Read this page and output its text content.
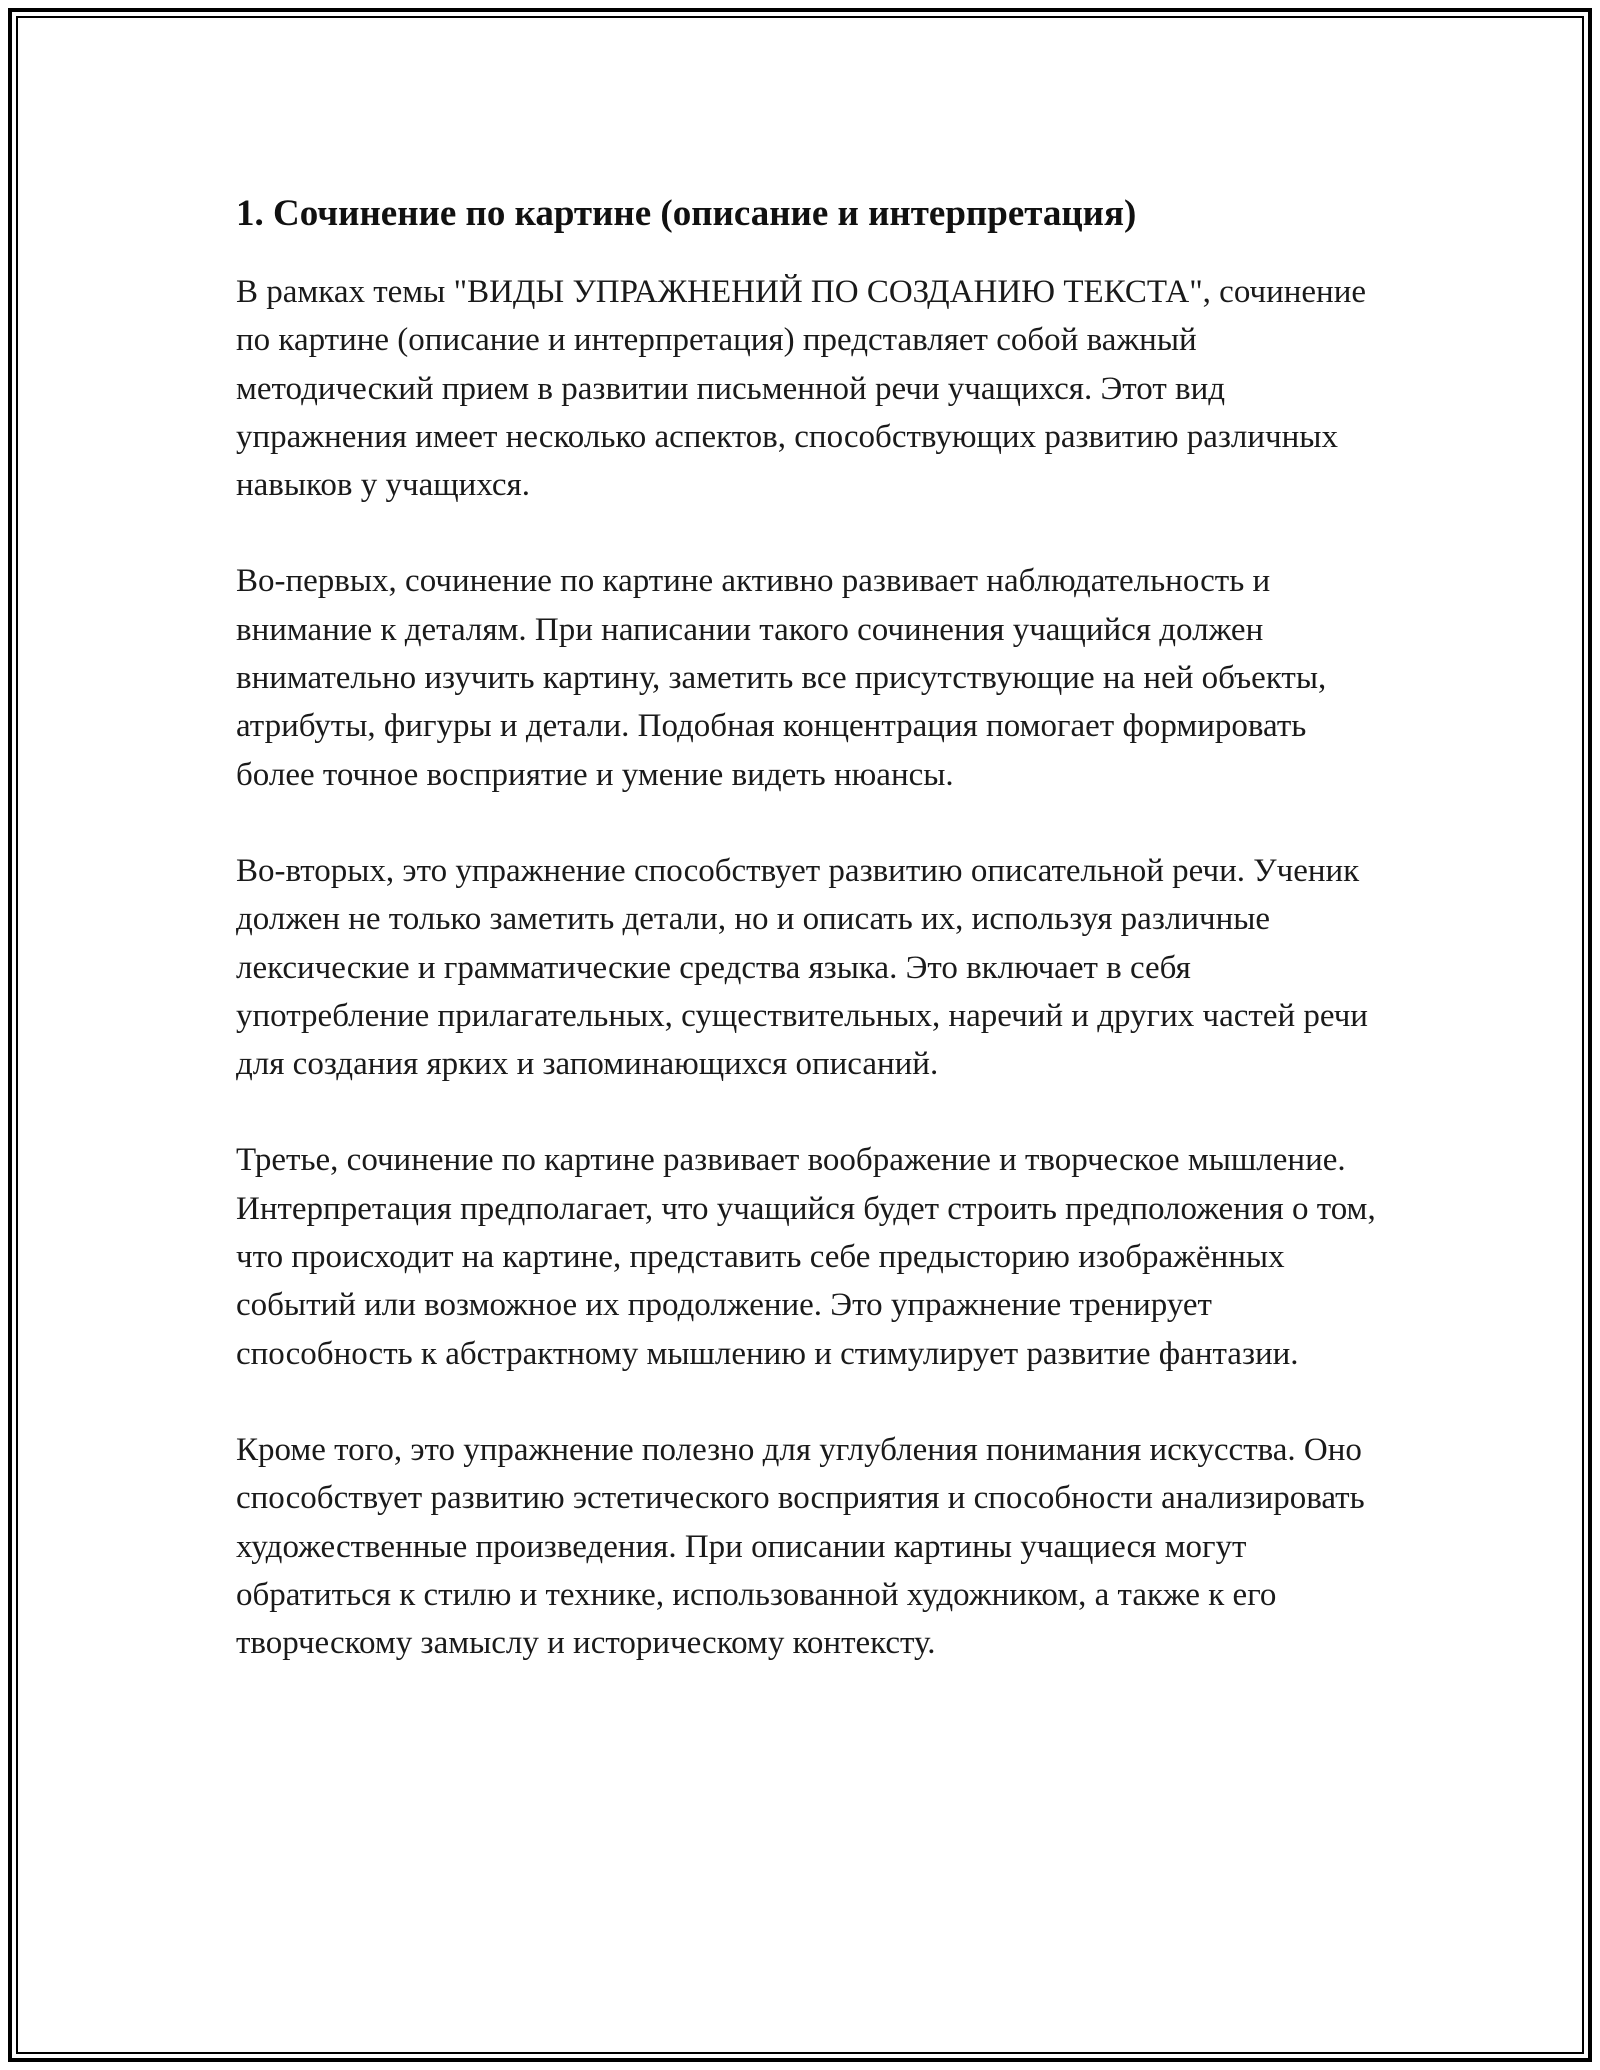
1. Сочинение по картине (описание и интерпретация)

В рамках темы "ВИДЫ УПРАЖНЕНИЙ ПО СОЗДАНИЮ ТЕКСТА", сочинение по картине (описание и интерпретация) представляет собой важный методический прием в развитии письменной речи учащихся. Этот вид упражнения имеет несколько аспектов, способствующих развитию различных навыков у учащихся.

Во-первых, сочинение по картине активно развивает наблюдательность и внимание к деталям. При написании такого сочинения учащийся должен внимательно изучить картину, заметить все присутствующие на ней объекты, атрибуты, фигуры и детали. Подобная концентрация помогает формировать более точное восприятие и умение видеть нюансы.

Во-вторых, это упражнение способствует развитию описательной речи. Ученик должен не только заметить детали, но и описать их, используя различные лексические и грамматические средства языка. Это включает в себя употребление прилагательных, существительных, наречий и других частей речи для создания ярких и запоминающихся описаний.

Третье, сочинение по картине развивает воображение и творческое мышление. Интерпретация предполагает, что учащийся будет строить предположения о том, что происходит на картине, представить себе предысторию изображённых событий или возможное их продолжение. Это упражнение тренирует способность к абстрактному мышлению и стимулирует развитие фантазии.

Кроме того, это упражнение полезно для углубления понимания искусства. Оно способствует развитию эстетического восприятия и способности анализировать художественные произведения. При описании картины учащиеся могут обратиться к стилю и технике, использованной художником, а также к его творческому замыслу и историческому контексту.
